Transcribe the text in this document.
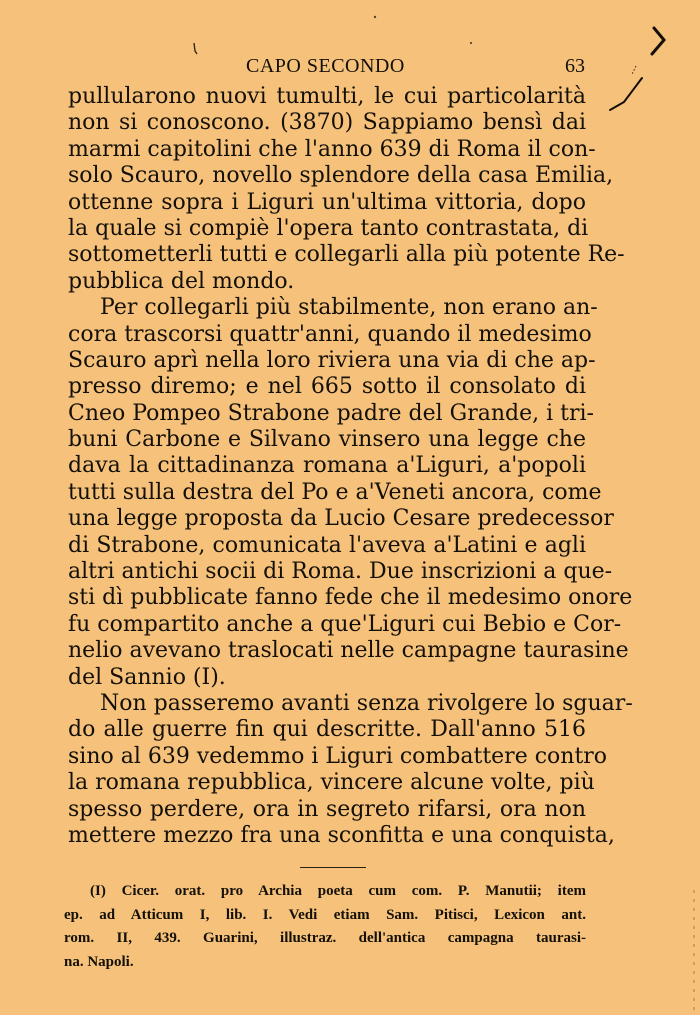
CAPO SECONDO	63
pullularono nuovi tumulti, le cui particolarità
non si conoscono. (3870) Sappiamo bensì dai
marmi capitolini che l'anno 639 di Roma il con-
solo Scauro, novello splendore della casa Emilia,
ottenne sopra i Liguri un'ultima vittoria, dopo
la quale si compiè l'opera tanto contrastata, di
sottometterli tutti e collegarli alla più potente Re-
pubblica del mondo.
Per collegarli più stabilmente, non erano an-
cora trascorsi quattr'anni, quando il medesimo
Scauro aprì nella loro riviera una via di che ap-
presso diremo; e nel 665 sotto il consolato di
Cneo Pompeo Strabone padre del Grande, i tri-
buni Carbone e Silvano vinsero una legge che
dava la cittadinanza romana a'Liguri, a'popoli
tutti sulla destra del Po e a'Veneti ancora, come
una legge proposta da Lucio Cesare predecessor
di Strabone, comunicata l'aveva a'Latini e agli
altri antichi socii di Roma. Due inscrizioni a que-
sti dì pubblicate fanno fede che il medesimo onore
fu compartito anche a que'Liguri cui Bebio e Cor-
nelio avevano traslocati nelle campagne taurasine
del Sannio (I).
Non passeremo avanti senza rivolgere lo sguar-
do alle guerre fin qui descritte. Dall'anno 516
sino al 639 vedemmo i Liguri combattere contro
la romana repubblica, vincere alcune volte, più
spesso perdere, ora in segreto rifarsi, ora non
mettere mezzo fra una sconfitta e una conquista,
(I) Cicer. orat. pro Archia poeta cum com. P. Manutii; item
ep. ad Atticum I, lib. I. Vedi etiam Sam. Pitisci, Lexicon ant.
rom. II, 439. Guarini, illustraz. dell'antica campagna taurasi-
na. Napoli.
